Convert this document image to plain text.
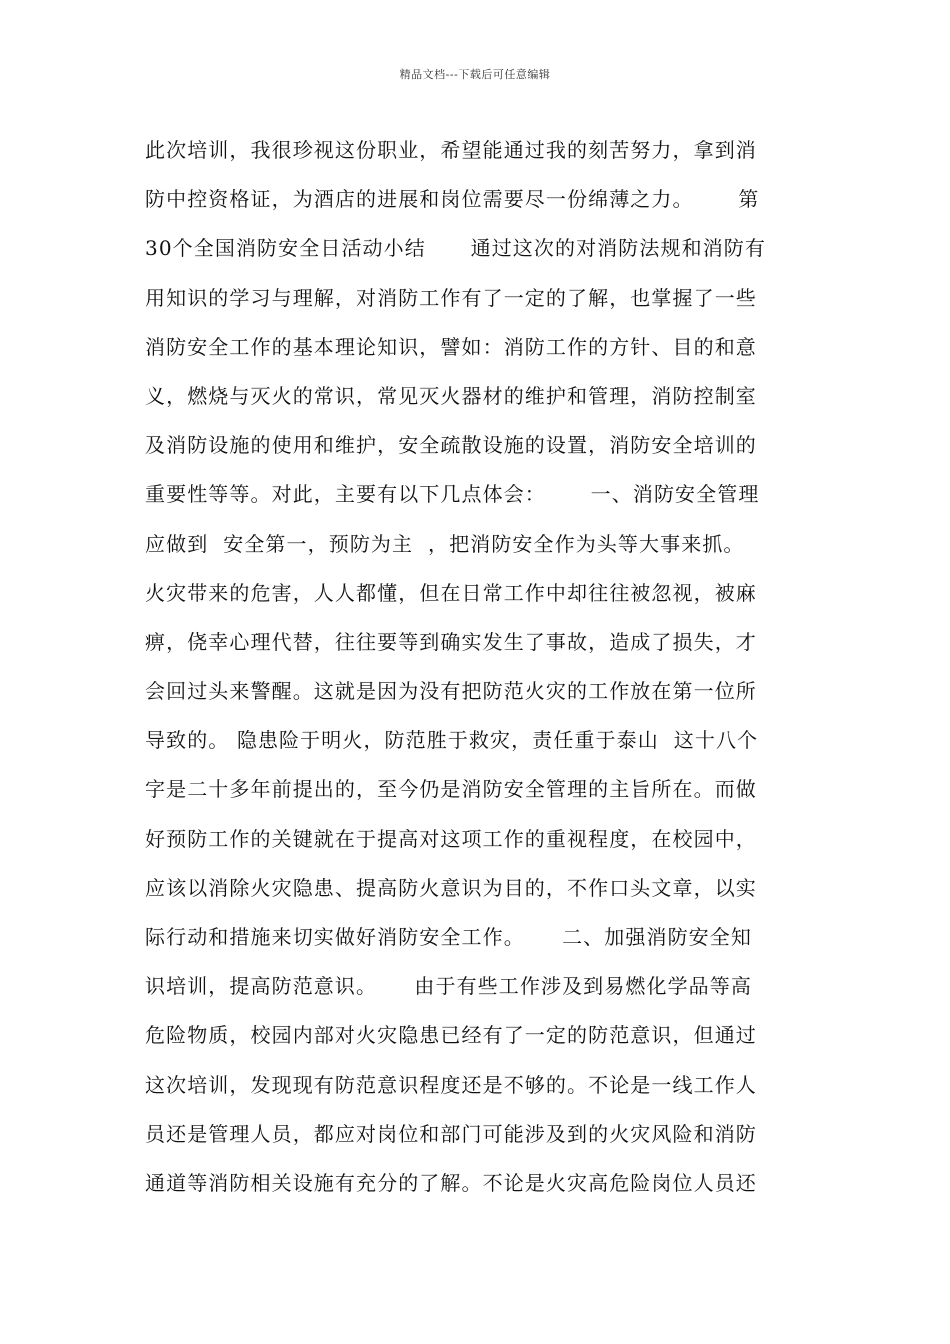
精品文档---下载后可任意编辑
此次培训，我很珍视这份职业，希望能通过我的刻苦努力，拿到消
防中控资格证，为酒店的进展和岗位需要尽一份绵薄之力。      第
30个全国消防安全日活动小结      通过这次的对消防法规和消防有
用知识的学习与理解，对消防工作有了一定的了解，也掌握了一些
消防安全工作的基本理论知识，譬如：消防工作的方针、目的和意
义，燃烧与灭火的常识，常见灭火器材的维护和管理，消防控制室
及消防设施的使用和维护，安全疏散设施的设置，消防安全培训的
重要性等等。对此，主要有以下几点体会：      一、消防安全管理
应做到  安全第一，预防为主  ，把消防安全作为头等大事来抓。
火灾带来的危害，人人都懂，但在日常工作中却往往被忽视，被麻
痹，侥幸心理代替，往往要等到确实发生了事故，造成了损失，才
会回过头来警醒。这就是因为没有把防范火灾的工作放在第一位所
导致的。 隐患险于明火，防范胜于救灾，责任重于泰山  这十八个
字是二十多年前提出的，至今仍是消防安全管理的主旨所在。而做
好预防工作的关键就在于提高对这项工作的重视程度，在校园中，
应该以消除火灾隐患、提高防火意识为目的，不作口头文章，以实
际行动和措施来切实做好消防安全工作。     二、加强消防安全知
识培训，提高防范意识。     由于有些工作涉及到易燃化学品等高
危险物质，校园内部对火灾隐患已经有了一定的防范意识，但通过
这次培训，发现现有防范意识程度还是不够的。不论是一线工作人
员还是管理人员，都应对岗位和部门可能涉及到的火灾风险和消防
通道等消防相关设施有充分的了解。不论是火灾高危险岗位人员还
